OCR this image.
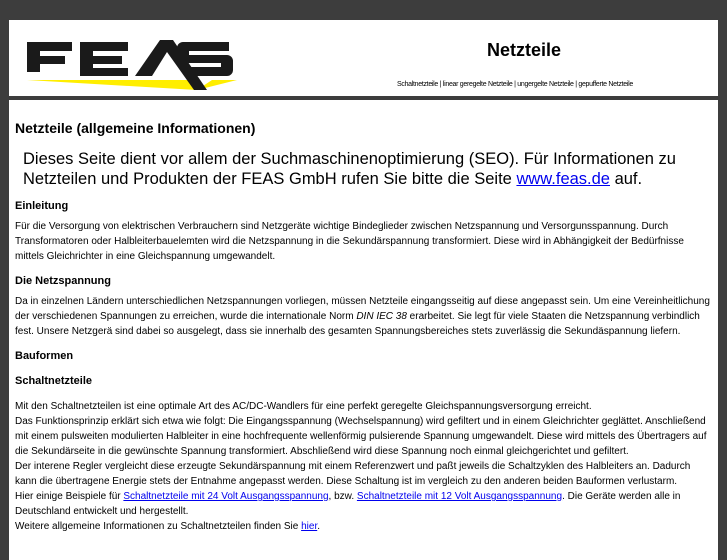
Netzteile
Schaltnetzteile | linear geregelte Netzteile | ungergelte Netzteile | gepufferte Netzteile
Netzteile (allgemeine Informationen)
Dieses Seite dient vor allem der Suchmaschinenoptimierung (SEO). Für Informationen zu Netzteilen und Produkten der FEAS GmbH rufen Sie bitte die Seite www.feas.de auf.
Einleitung

Für die Versorgung von elektrischen Verbrauchern sind Netzgeräte wichtige Bindeglieder zwischen Netzspannung und Versorgunsspannung. Durch Transformatoren oder Halbleiterbauelemten wird die Netzspannung in die Sekundärspannung transformiert. Diese wird in Abhängigkeit der Bedürfnisse mittels Gleichrichter in eine Gleichspannung umgewandelt.

Die Netzspannung

Da in einzelnen Ländern unterschiedlichen Netzspannungen vorliegen, müssen Netzteile eingangsseitig auf diese angepasst sein. Um eine Vereinheitlichung der verschiedenen Spannungen zu erreichen, wurde die internationale Norm DIN IEC 38 erarbeitet. Sie legt für viele Staaten die Netzspannung verbindlich fest. Unsere Netzgerä sind dabei so ausgelegt, dass sie innerhalb des gesamten Spannungsbereiches stets zuverlässig die Sekundäspannung liefern.

Bauformen
Schaltnetzteile

Mit den Schaltnetzteilen ist eine optimale Art des AC/DC-Wandlers für eine perfekt geregelte Gleichspannungsversorgung erreicht.

Das Funktionsprinzip erklärt sich etwa wie folgt: Die Eingangsspannung (Wechselspannung) wird gefiltert und in einem Gleichrichter geglättet. Anschließend mit einem pulsweiten modulierten Halbleiter in eine hochfrequente wellenförmig pulsierende Spannung umgewandelt. Diese wird mittels des Übertragers auf die Sekundärseite in die gewünschte Spannung transformiert. Abschließend wird diese Spannung noch einmal gleichgerichtet und gefiltert.

Der interene Regler vergleicht diese erzeugte Sekundärspannung mit einem Referenzwert und paßt jeweils die Schaltzyklen des Halbleiters an. Dadurch kann die übertragene Energie stets der Entnahme angepasst werden. Diese Schaltung ist im vergleich zu den anderen beiden Bauformen verlustarm.

Hier einige Beispiele für Schaltnetzteile mit 24 Volt Ausgangsspannung, bzw. Schaltnetzteile mit 12 Volt Ausgangsspannung. Die Geräte werden alle in Deutschland entwickelt und hergestellt.

Weitere allgemeine Informationen zu Schaltnetzteilen finden Sie hier.
